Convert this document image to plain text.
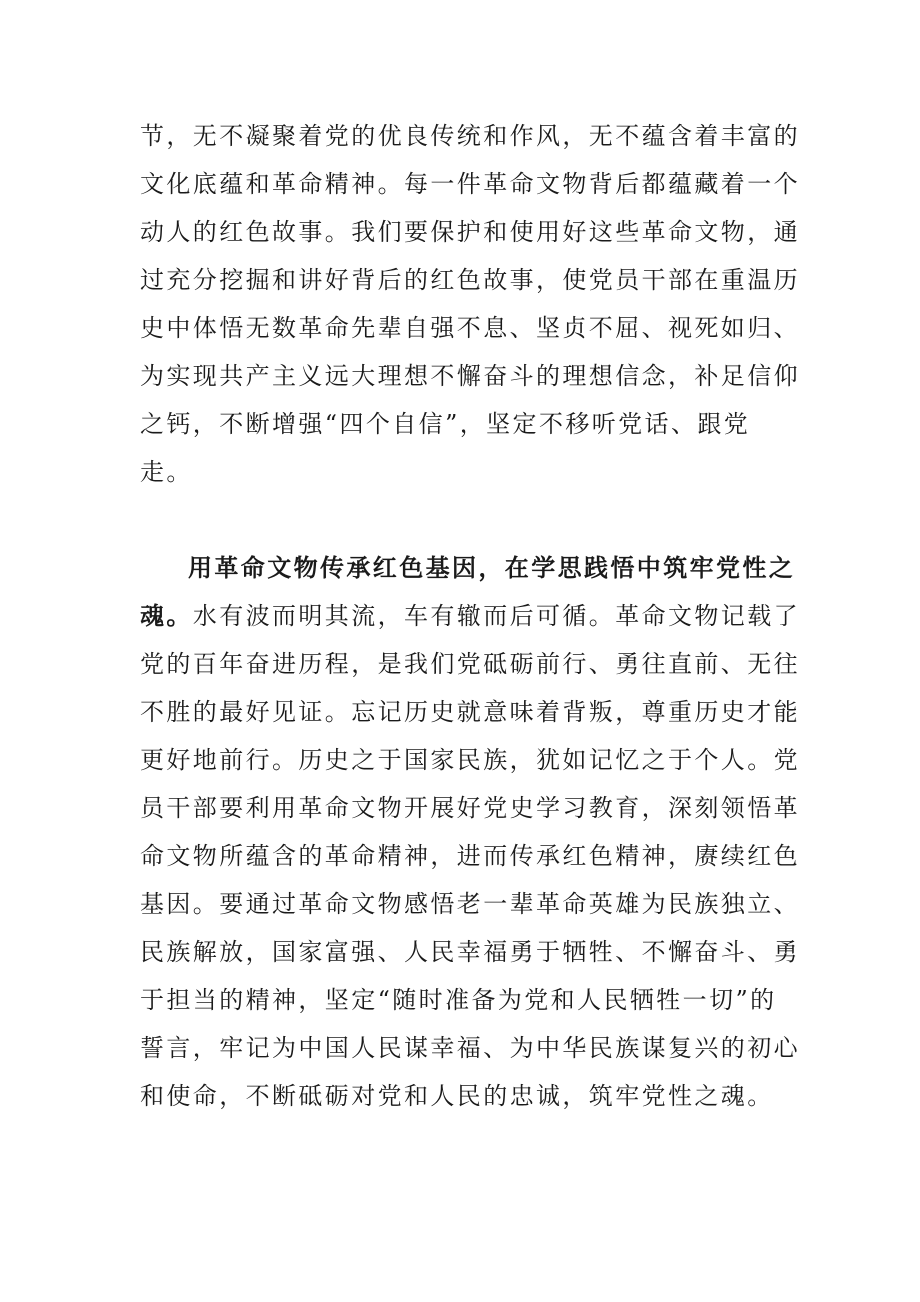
节，无不凝聚着党的优良传统和作风，无不蕴含着丰富的
文化底蕴和革命精神。每一件革命文物背后都蕴藏着一个
动人的红色故事。我们要保护和使用好这些革命文物，通
过充分挖掘和讲好背后的红色故事，使党员干部在重温历
史中体悟无数革命先辈自强不息、坚贞不屈、视死如归、
为实现共产主义远大理想不懈奋斗的理想信念，补足信仰
之钙，不断增强“四个自信”，坚定不移听党话、跟党
走。
用革命文物传承红色基因，在学思践悟中筑牢党性之
魂。水有波而明其流，车有辙而后可循。革命文物记载了
党的百年奋进历程，是我们党砥砺前行、勇往直前、无往
不胜的最好见证。忘记历史就意味着背叛，尊重历史才能
更好地前行。历史之于国家民族，犹如记忆之于个人。党
员干部要利用革命文物开展好党史学习教育，深刻领悟革
命文物所蕴含的革命精神，进而传承红色精神，赓续红色
基因。要通过革命文物感悟老一辈革命英雄为民族独立、
民族解放，国家富强、人民幸福勇于牺牲、不懈奋斗、勇
于担当的精神，坚定“随时准备为党和人民牺牲一切”的
誓言，牢记为中国人民谋幸福、为中华民族谋复兴的初心
和使命，不断砥砺对党和人民的忠诚，筑牢党性之魂。
